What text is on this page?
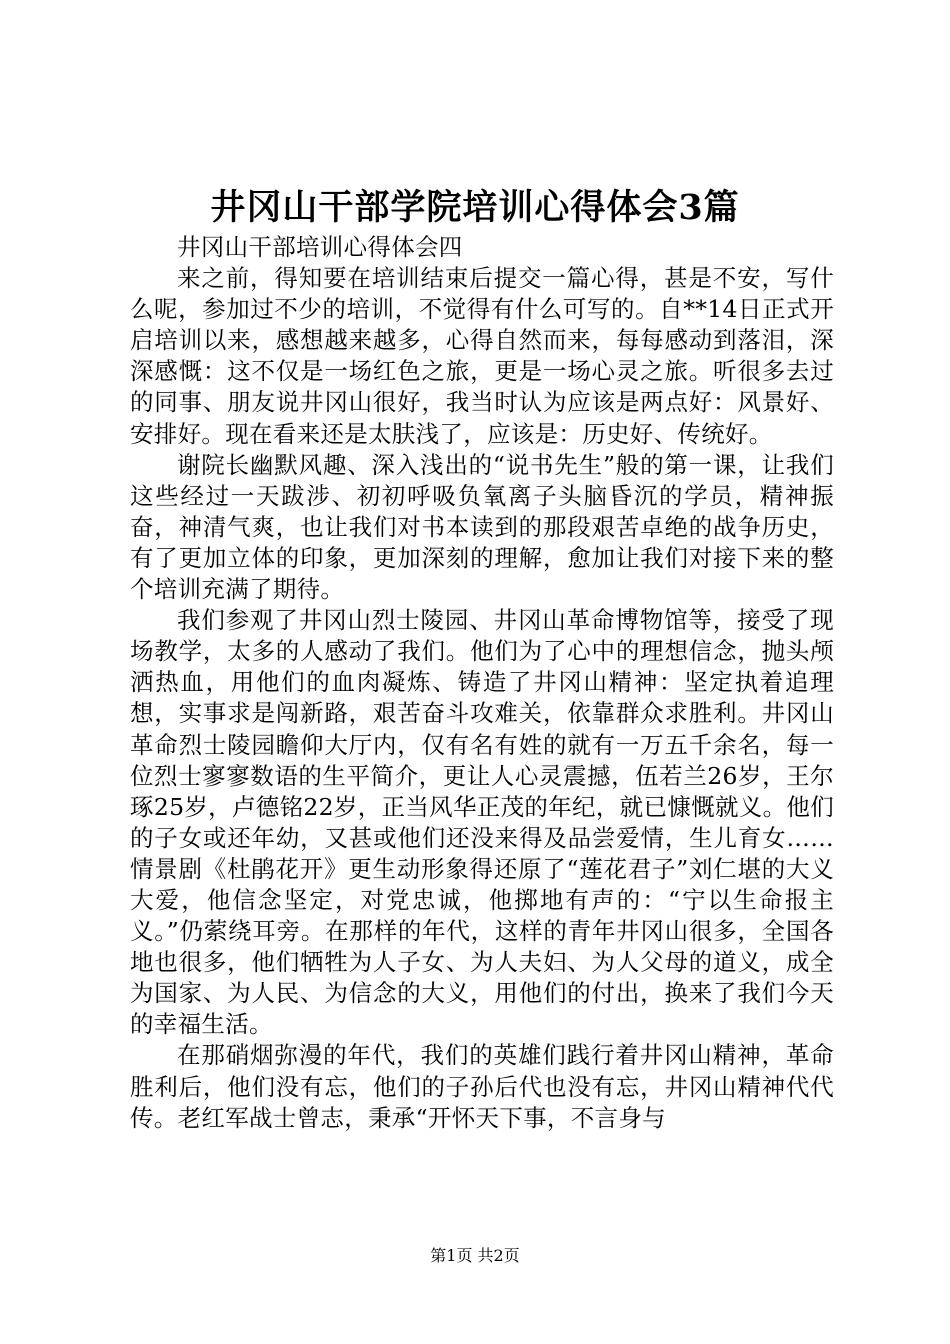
井冈山干部学院培训心得体会3篇

井冈山干部培训心得体会四

来之前，得知要在培训结束后提交一篇心得，甚是不安，写什么呢，参加过不少的培训，不觉得有什么可写的。自**14日正式开启培训以来，感想越来越多，心得自然而来，每每感动到落泪，深深感慨：这不仅是一场红色之旅，更是一场心灵之旅。听很多去过的同事、朋友说井冈山很好，我当时认为应该是两点好：风景好、安排好。现在看来还是太肤浅了，应该是：历史好、传统好。

谢院长幽默风趣、深入浅出的“说书先生”般的第一课，让我们这些经过一天跋涉、初初呼吸负氧离子头脑昏沉的学员，精神振奋，神清气爽，也让我们对书本读到的那段艰苦卓绝的战争历史，有了更加立体的印象，更加深刻的理解，愈加让我们对接下来的整个培训充满了期待。

我们参观了井冈山烈士陵园、井冈山革命博物馆等，接受了现场教学，太多的人感动了我们。他们为了心中的理想信念，抛头颅洒热血，用他们的血肉凝炼、铸造了井冈山精神：坚定执着追理想，实事求是闯新路，艰苦奋斗攻难关，依靠群众求胜利。井冈山革命烈士陵园瞻仰大厅内，仅有名有姓的就有一万五千余名，每一位烈士寥寥数语的生平简介，更让人心灵震撼，伍若兰26岁，王尔琢25岁，卢德铭22岁，正当风华正茂的年纪，就已慷慨就义。他们的子女或还年幼，又甚或他们还没来得及品尝爱情，生儿育女……情景剧《杜鹃花开》更生动形象得还原了“莲花君子”刘仁堪的大义大爱，他信念坚定，对党忠诚，他掷地有声的：“宁以生命报主义。”仍萦绕耳旁。在那样的年代，这样的青年井冈山很多，全国各地也很多，他们牺牲为人子女、为人夫妇、为人父母的道义，成全为国家、为人民、为信念的大义，用他们的付出，换来了我们今天的幸福生活。

在那硝烟弥漫的年代，我们的英雄们践行着井冈山精神，革命胜利后，他们没有忘，他们的子孙后代也没有忘，井冈山精神代代传。老红军战士曾志，秉承“开怀天下事，不言身与

第1页 共2页
